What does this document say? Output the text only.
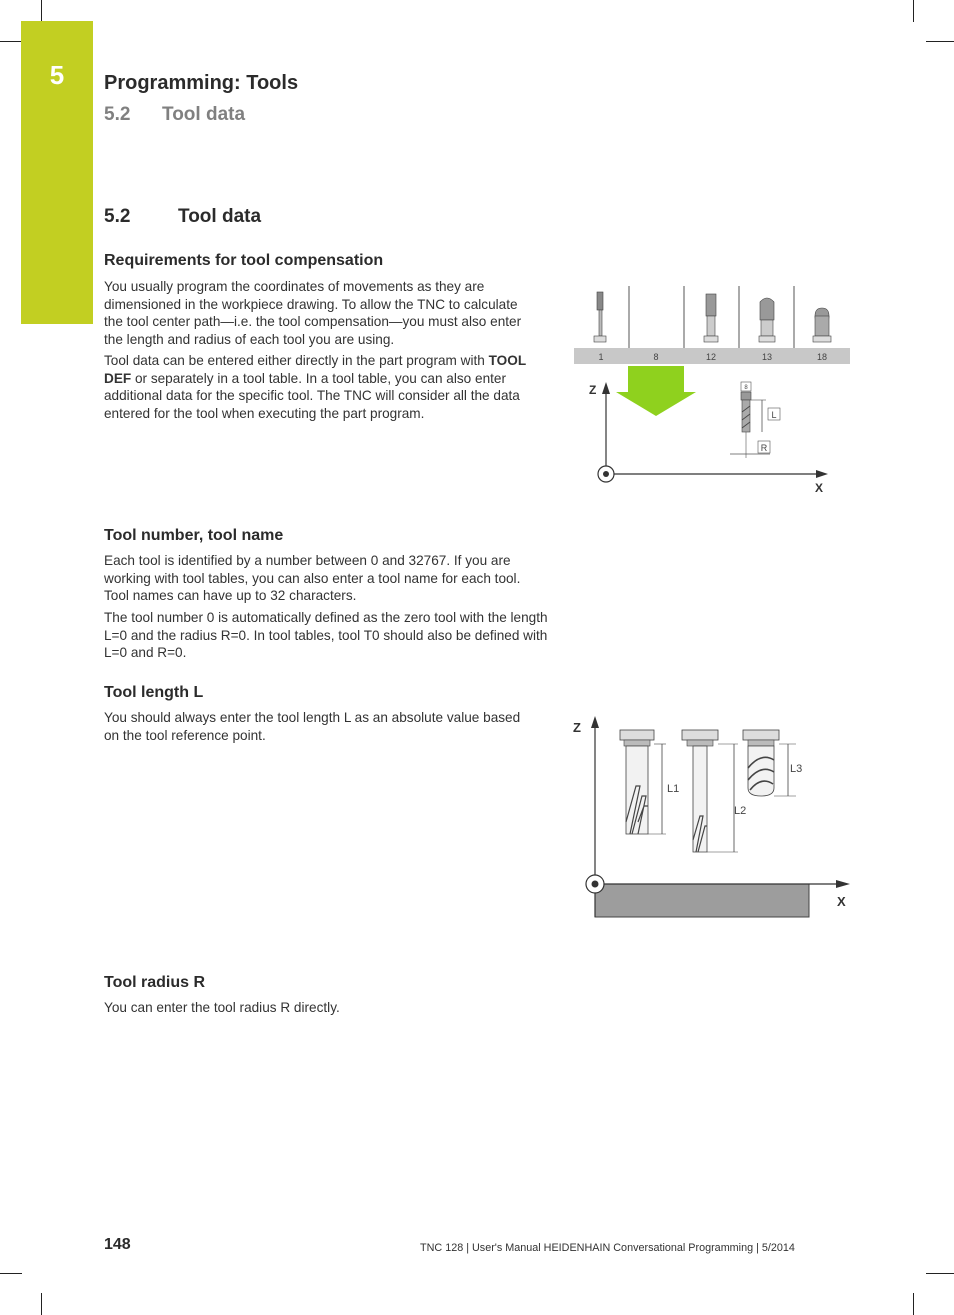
5	Programming: Tools
5.2 Tool data
5.2	Tool data
Requirements for tool compensation

You usually program the coordinates of movements as they are dimensioned in the workpiece drawing. To allow the TNC to calculate the tool center path—i.e. the tool compensation—you must also enter the length and radius of each tool you are using.

Tool data can be entered either directly in the part program with TOOL DEF or separately in a tool table. In a tool table, you can also enter additional data for the specific tool. The TNC will consider all the data entered for the tool when executing the part program.

Tool number, tool name

Each tool is identified by a number between 0 and 32767. If you are working with tool tables, you can also enter a tool name for each tool. Tool names can have up to 32 characters.

The tool number 0 is automatically defined as the zero tool with the length L=0 and the radius R=0. In tool tables, tool T0 should also be defined with L=0 and R=0.

Tool length L

You should always enter the tool length L as an absolute value based on the tool reference point.

Tool radius R

You can enter the tool radius R directly.

1	8	12	13	18
Z
X
8
L
R
Z
X
L1
L2
L3
148	TNC 128 | User's Manual HEIDENHAIN Conversational Programming | 5/2014
